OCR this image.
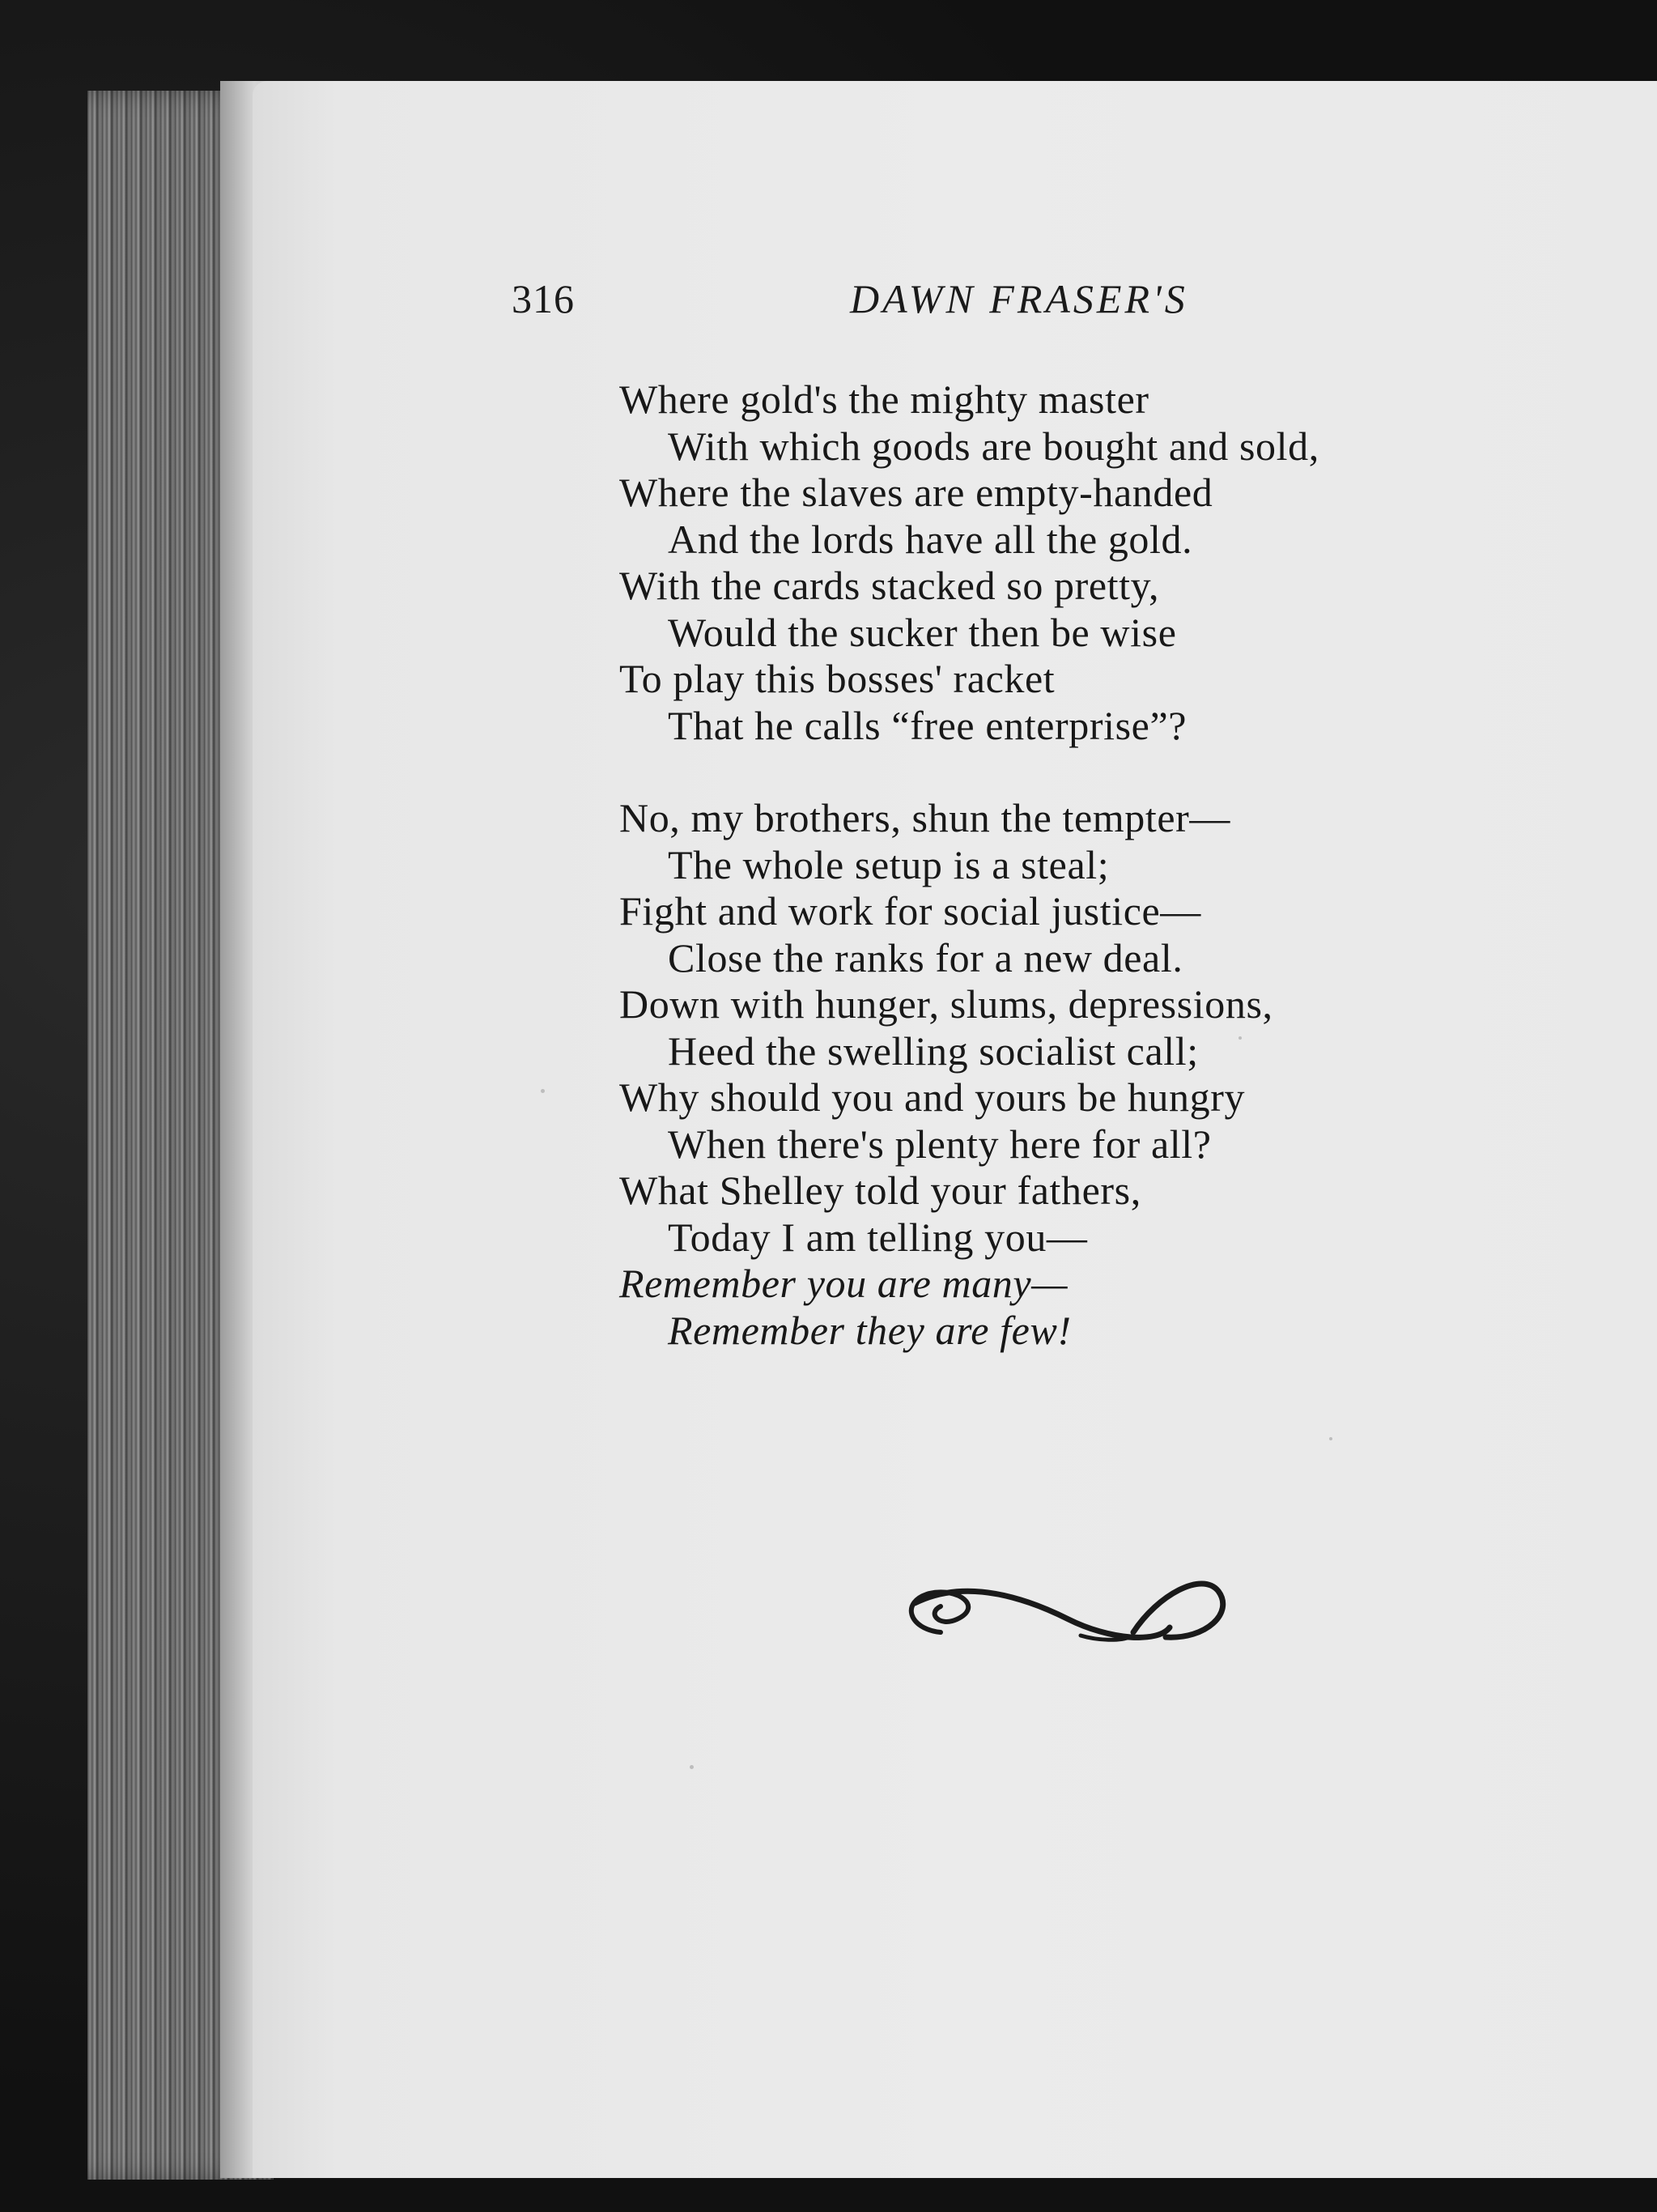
316	DAWN FRASER'S
Where gold's the mighty master
With which goods are bought and sold,
Where the slaves are empty-handed
And the lords have all the gold.
With the cards stacked so pretty,
Would the sucker then be wise
To play this bosses' racket
That he calls “free enterprise”?
No, my brothers, shun the tempter—
The whole setup is a steal;
Fight and work for social justice—
Close the ranks for a new deal.
Down with hunger, slums, depressions,
Heed the swelling socialist call;
Why should you and yours be hungry
When there's plenty here for all?
What Shelley told your fathers,
Today I am telling you—
Remember you are many—
Remember they are few!
